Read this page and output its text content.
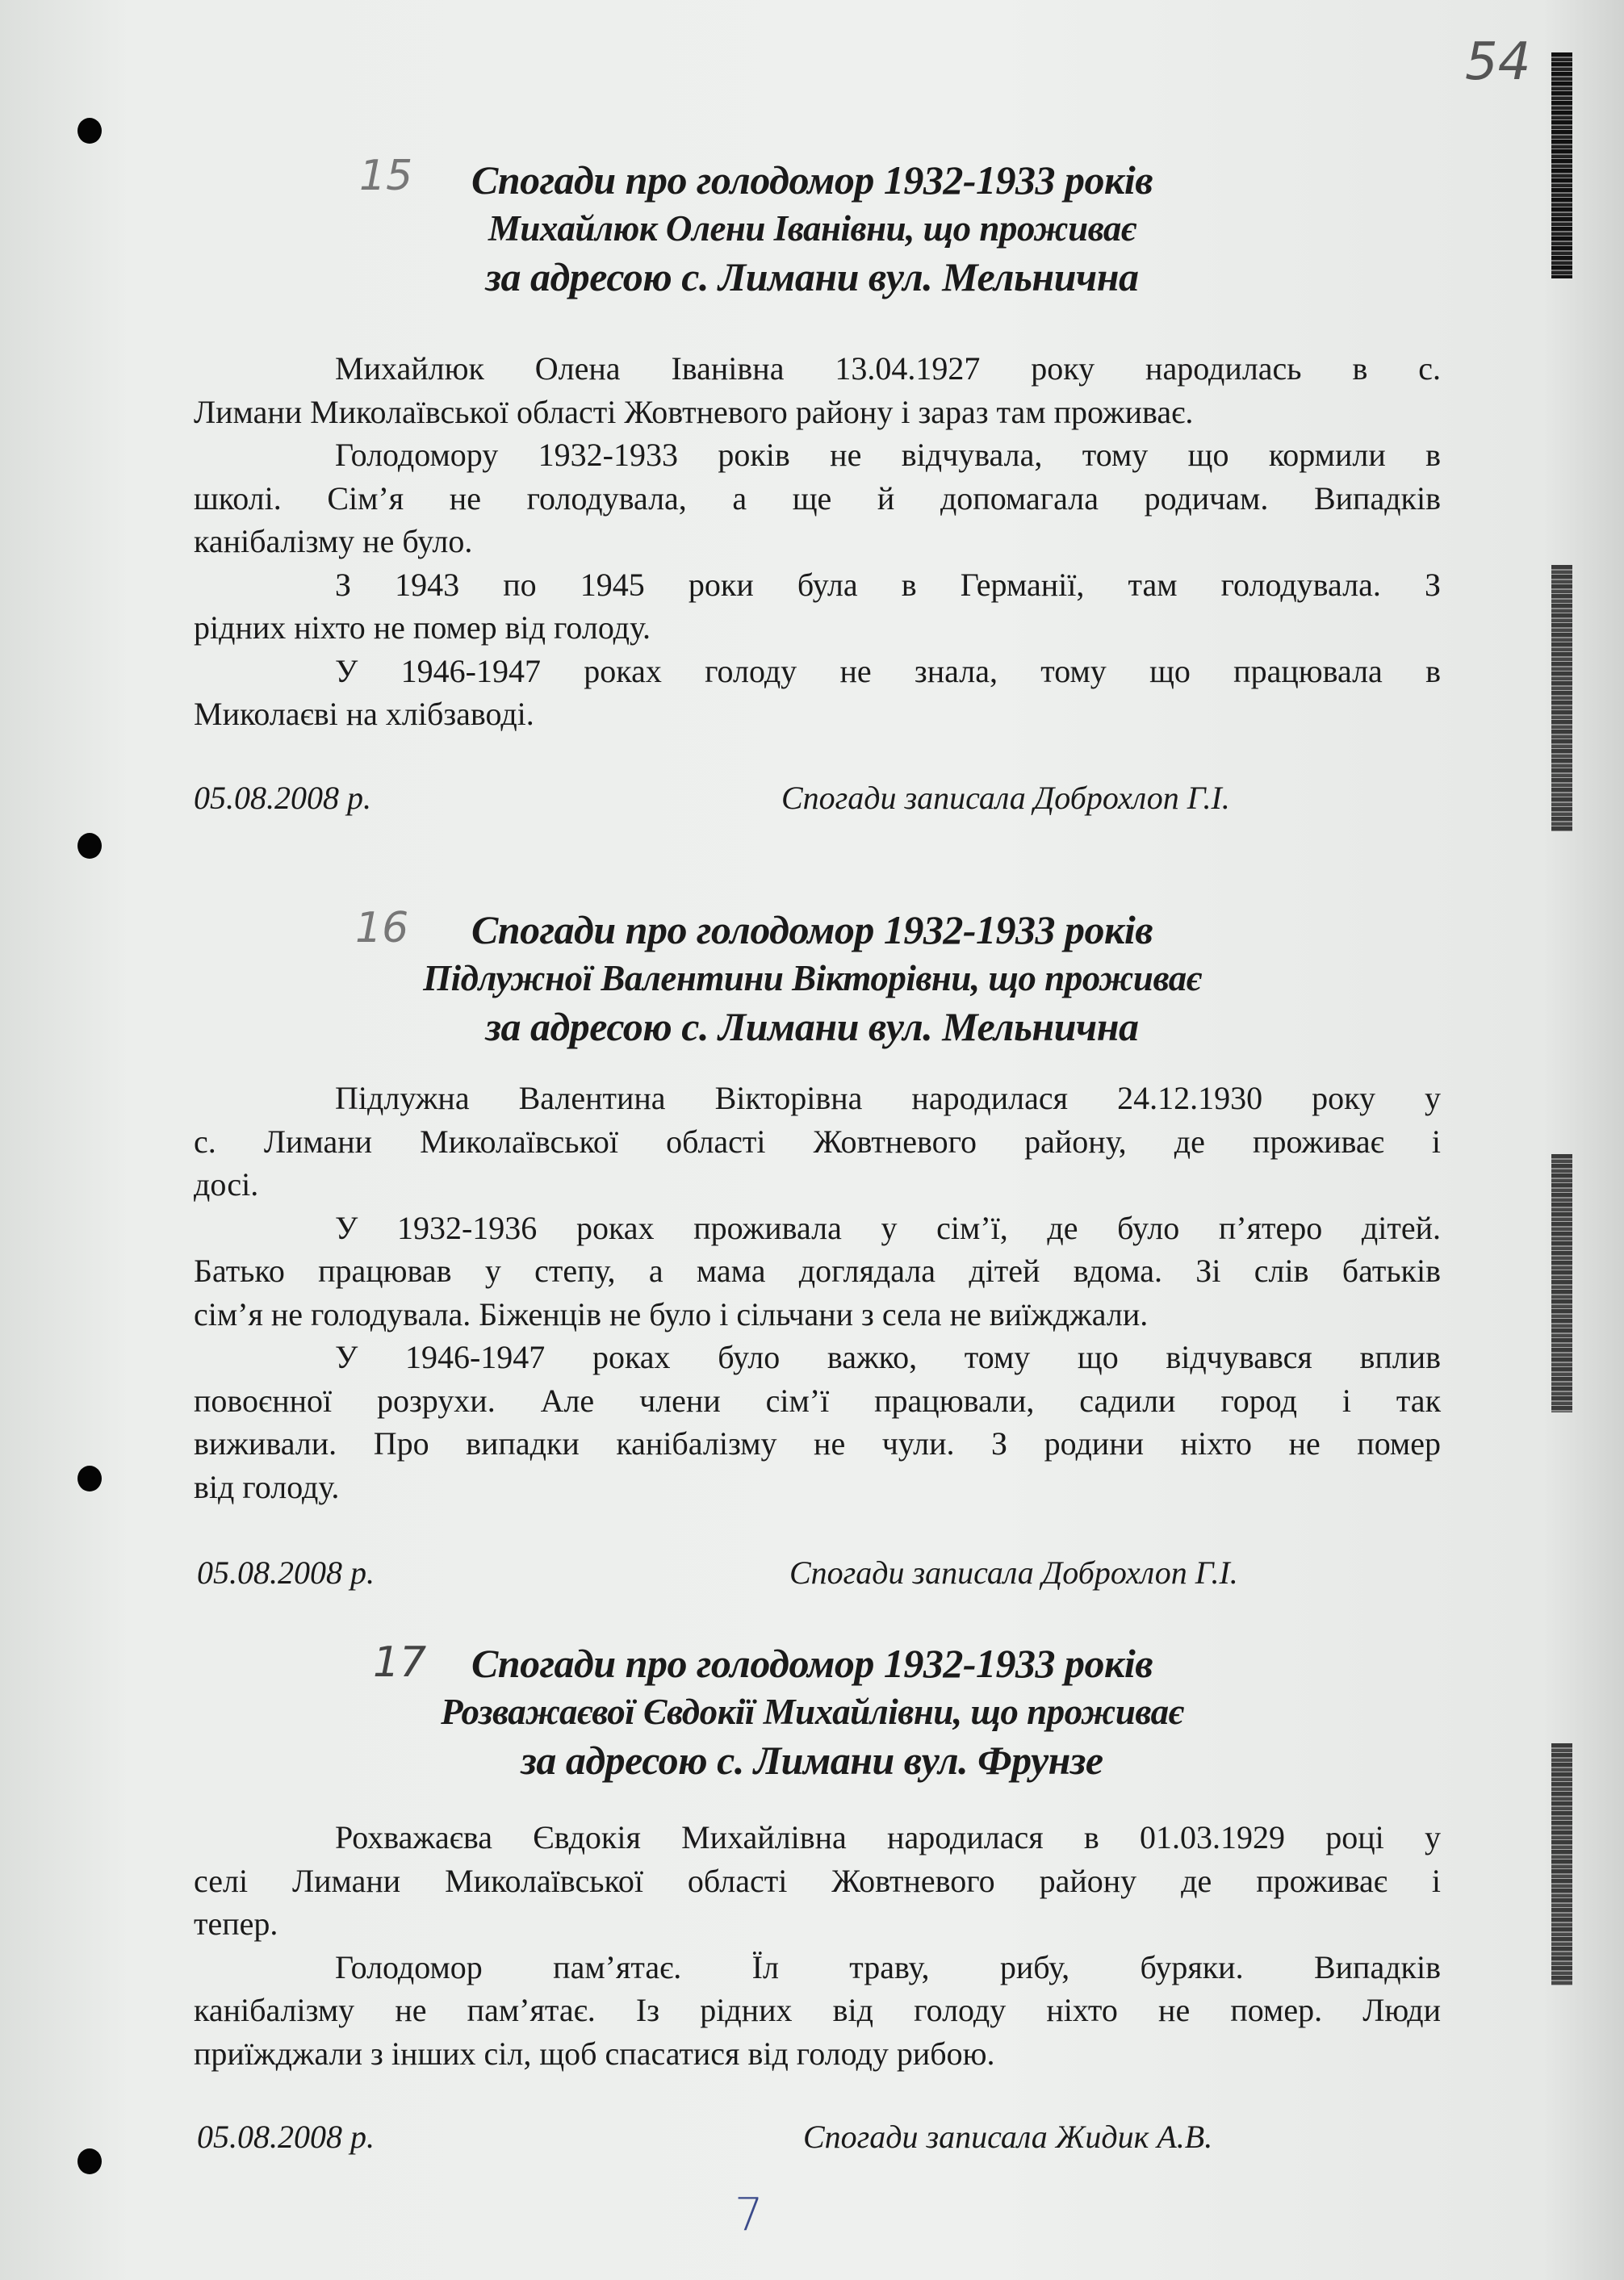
54
15	Спогади про голодомор 1932-1933 років
Михайлюк Олени Іванівни, що проживає
за адресою с. Лимани вул. Мельнична
Михайлюк Олена Іванівна 13.04.1927 року народилась в с.
Лимани Миколаївської області Жовтневого району і зараз там проживає.
Голодомору 1932-1933 років не відчувала, тому що кормили в
школі. Сім’я не голодувала, а ще й допомагала родичам. Випадків
канібалізму не було.
З 1943 по 1945 роки була в Германії, там голодувала. З
рідних ніхто не помер від голоду.
У 1946-1947 роках голоду не знала, тому що працювала в
Миколаєві на хлібзаводі.
05.08.2008 р.	Спогади записала Доброхлоп Г.І.
16	Спогади про голодомор 1932-1933 років
Підлужної Валентини Вікторівни, що проживає
за адресою с. Лимани вул. Мельнична
Підлужна Валентина Вікторівна народилася 24.12.1930 року у
с. Лимани Миколаївської області Жовтневого району, де проживає і
досі.
У 1932-1936 роках проживала у сім’ї, де було п’ятеро дітей.
Батько працював у степу, а мама доглядала дітей вдома. Зі слів батьків
сім’я не голодувала. Біженців не було і сільчани з села не виїжджали.
У 1946-1947 роках було важко, тому що відчувався вплив
повоєнної розрухи. Але члени сім’ї працювали, садили город і так
виживали. Про випадки канібалізму не чули. З родини ніхто не помер
від голоду.
05.08.2008 р.	Спогади записала Доброхлоп Г.І.
17	Спогади про голодомор 1932-1933 років
Розважаєвої Євдокії Михайлівни, що проживає
за адресою с. Лимани вул. Фрунзе
Рохважаєва Євдокія Михайлівна народилася в 01.03.1929 році у
селі Лимани Миколаївської області Жовтневого району де проживає і
тепер.
Голодомор пам’ятає. Їл траву, рибу, буряки. Випадків
канібалізму не пам’ятає. Із рідних від голоду ніхто не помер. Люди
приїжджали з інших сіл, щоб спасатися від голоду рибою.
05.08.2008 р.	Спогади записала Жидик А.В.
7
